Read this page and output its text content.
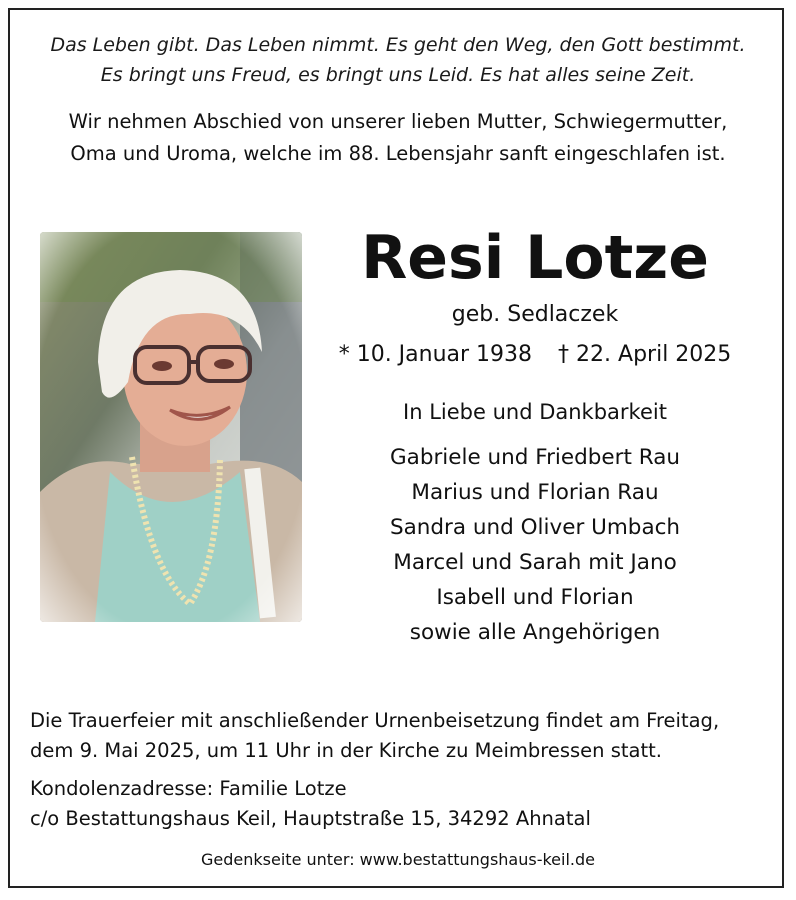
Das Leben gibt. Das Leben nimmt. Es geht den Weg, den Gott bestimmt.
Es bringt uns Freud, es bringt uns Leid. Es hat alles seine Zeit.
Wir nehmen Abschied von unserer lieben Mutter, Schwiegermutter,
Oma und Uroma, welche im 88. Lebensjahr sanft eingeschlafen ist.
Resi Lotze
geb. Sedlaczek
* 10. Januar 1938 † 22. April 2025
In Liebe und Dankbarkeit
Gabriele und Friedbert Rau
Marius und Florian Rau
Sandra und Oliver Umbach
Marcel und Sarah mit Jano
Isabell und Florian
sowie alle Angehörigen
Die Trauerfeier mit anschließender Urnenbeisetzung findet am Freitag,
dem 9. Mai 2025, um 11 Uhr in der Kirche zu Meimbressen statt.
Kondolenzadresse: Familie Lotze
c/o Bestattungshaus Keil, Hauptstraße 15, 34292 Ahnatal
Gedenkseite unter: www.bestattungshaus-keil.de
